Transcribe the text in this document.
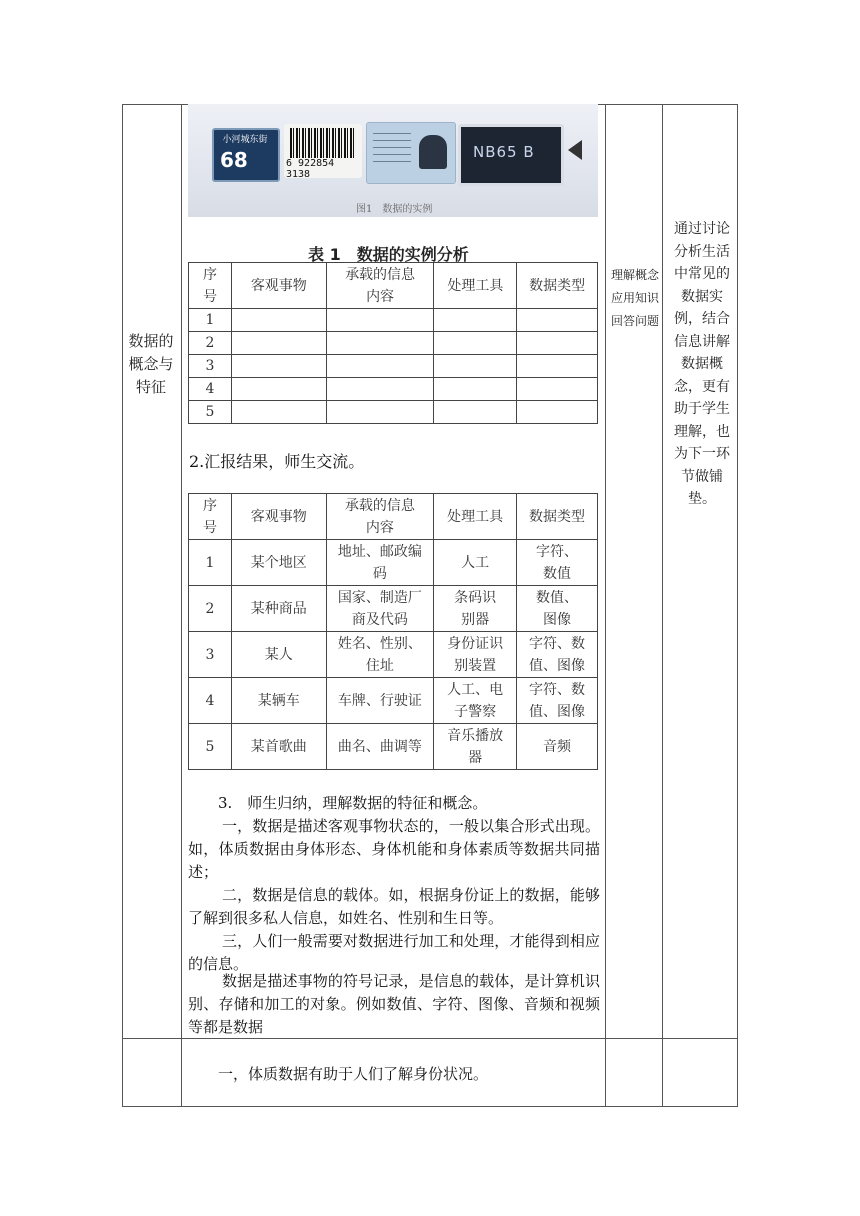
数据的概念与特征
理解概念应用知识回答问题
通过讨论分析生活中常见的数据实例，结合信息讲解数据概念，更有助于学生理解，也为下一环节做铺垫。
小河城东街
68	6 922854 3138
NB65 B
图1　数据的实例
表 1　数据的实例分析
序号	客观事物	承载的信息内容	处理工具	数据类型
1				
2				
3				
4				
5				
2.汇报结果，师生交流。
序号	客观事物	承载的信息内容	处理工具	数据类型
1	某个地区	地址、邮政编码	人工	字符、数值
2	某种商品	国家、制造厂商及代码	条码识别器	数值、图像
3	某人	姓名、性别、住址	身份证识别装置	字符、数值、图像
4	某辆车	车牌、行驶证	人工、电子警察	字符、数值、图像
5	某首歌曲	曲名、曲调等	音乐播放器	音频
3.　师生归纳，理解数据的特征和概念。
一，数据是描述客观事物状态的，一般以集合形式出现。如，体质数据由身体形态、身体机能和身体素质等数据共同描述；
二，数据是信息的载体。如，根据身份证上的数据，能够了解到很多私人信息，如姓名、性别和生日等。
三，人们一般需要对数据进行加工和处理，才能得到相应的信息。
数据是描述事物的符号记录，是信息的载体，是计算机识别、存储和加工的对象。例如数值、字符、图像、音频和视频等都是数据
一，体质数据有助于人们了解身份状况。
